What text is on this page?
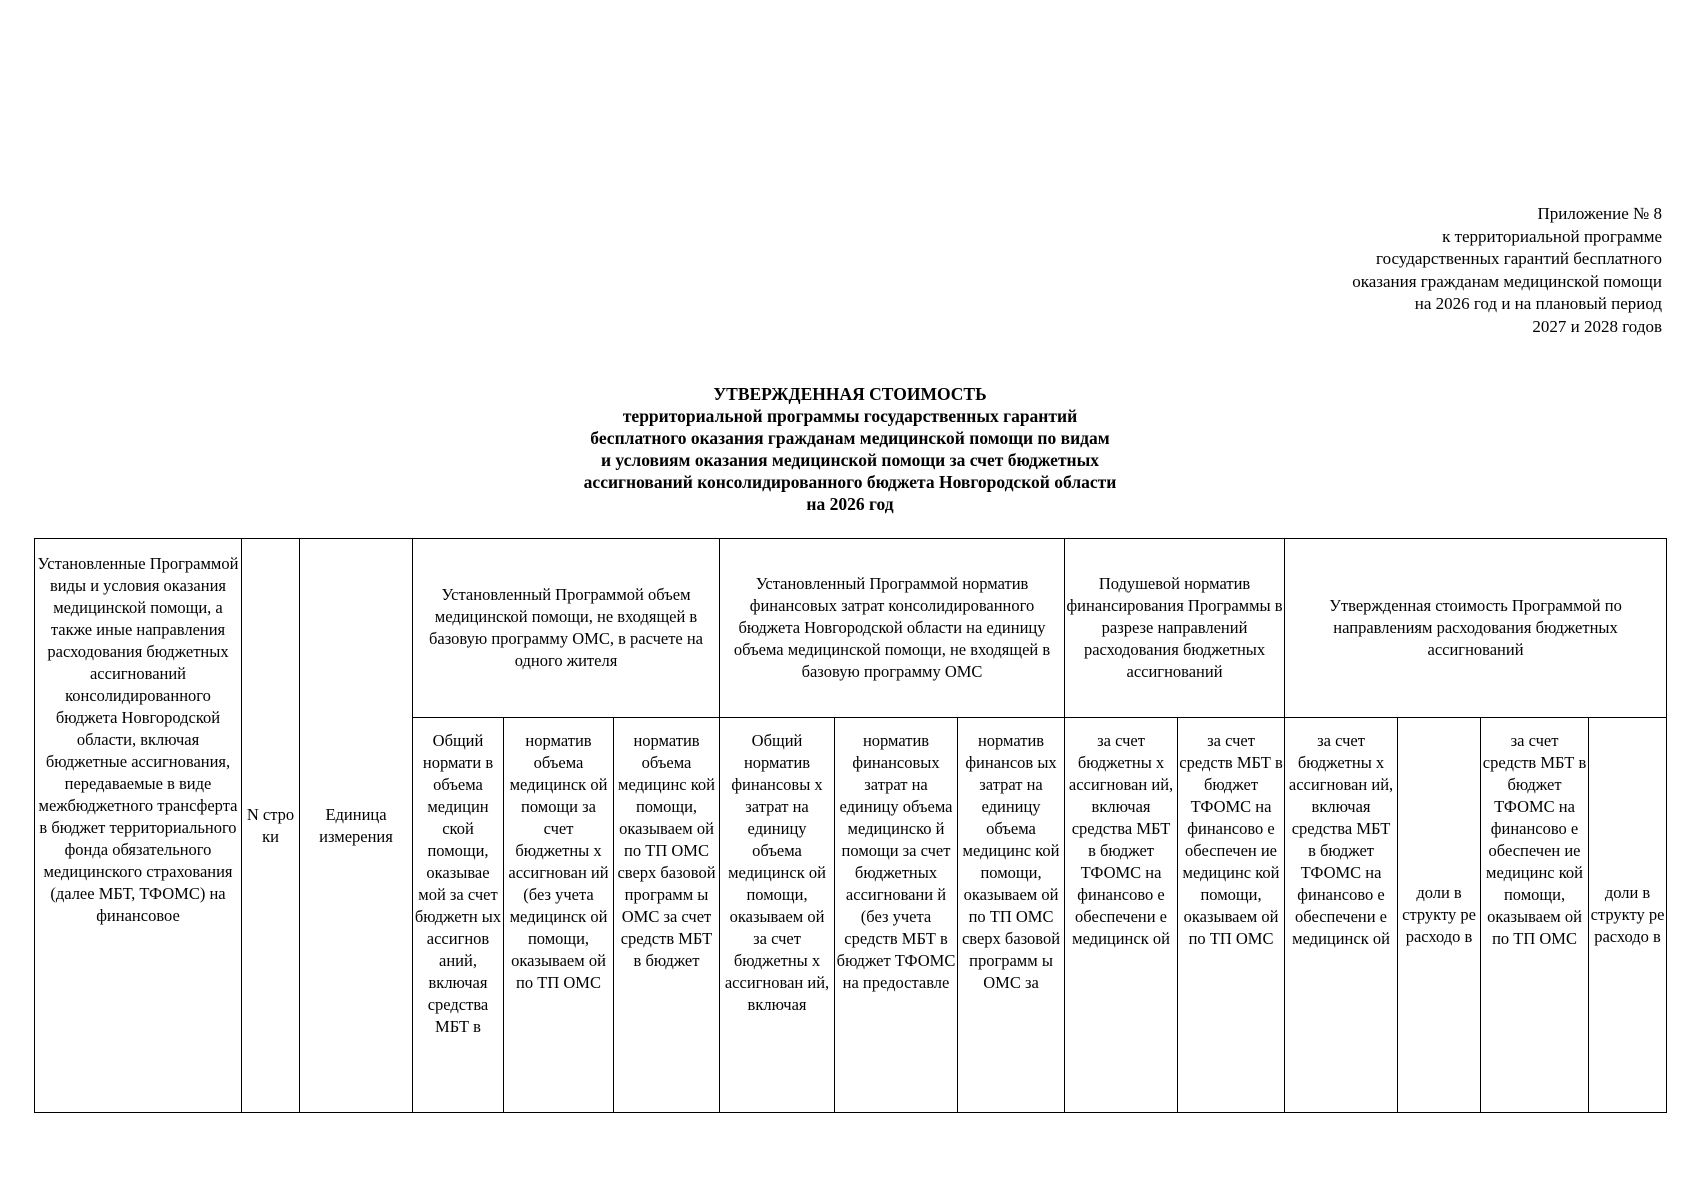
Приложение № 8
к территориальной программе
государственных гарантий бесплатного
оказания гражданам медицинской помощи
на 2026 год и на плановый период
2027 и 2028 годов
УТВЕРЖДЕННАЯ СТОИМОСТЬ
территориальной программы государственных гарантий
бесплатного оказания гражданам медицинской помощи по видам
и условиям оказания медицинской помощи за счет бюджетных
ассигнований консолидированного бюджета Новгородской области
на 2026 год
Установленные Программой виды и условия оказания медицинской помощи, а также иные направления расходования бюджетных ассигнований консолидированного бюджета Новгородской области, включая бюджетные ассигнования, передаваемые в виде межбюджетного трансферта в бюджет территориального фонда обязательного медицинского страхования (далее МБТ, ТФОМС) на финансовое	N стро ки	Единица измерения	Установленный Программой объем медицинской помощи, не входящей в базовую программу ОМС, в расчете на одного жителя			Установленный Программой норматив финансовых затрат консолидированного бюджета Новгородской области на единицу объема медицинской помощи, не входящей в базовую программу ОМС			Подушевой норматив финансирования Программы в разрезе направлений расходования бюджетных ассигнований		Утвержденная стоимость Программой по направлениям расходования бюджетных ассигнований			

			Общий нормати в объема медицин ской помощи, оказывае мой за счет бюджетн ых ассигнов аний, включая средства МБТ в	норматив объема медицинск ой помощи за счет бюджетны х ассигнован ий (без учета медицинск ой помощи, оказываем ой по ТП ОМС	норматив объема медицинс кой помощи, оказываем ой по ТП ОМС сверх базовой программ ы ОМС за счет средств МБТ в бюджет	Общий норматив финансовы х затрат на единицу объема медицинск ой помощи, оказываем ой за счет бюджетны х ассигнован ий, включая	норматив финансовых затрат на единицу объема медицинско й помощи за счет бюджетных ассигновани й (без учета средств МБТ в бюджет ТФОМС на предоставле	норматив финансов ых затрат на единицу объема медицинс кой помощи, оказываем ой по ТП ОМС сверх базовой программ ы ОМС за	за счет бюджетны х ассигнован ий, включая средства МБТ в бюджет ТФОМС на финансово е обеспечени е медицинск ой	за счет средств МБТ в бюджет ТФОМС на финансово е обеспечен ие медицинс кой помощи, оказываем ой по ТП ОМС	за счет бюджетны х ассигнован ий, включая средства МБТ в бюджет ТФОМС на финансово е обеспечени е медицинск ой	доли в структу ре расходо в	за счет средств МБТ в бюджет ТФОМС на финансово е обеспечен ие медицинс кой помощи, оказываем ой по ТП ОМС	доли в структу ре расходо в
